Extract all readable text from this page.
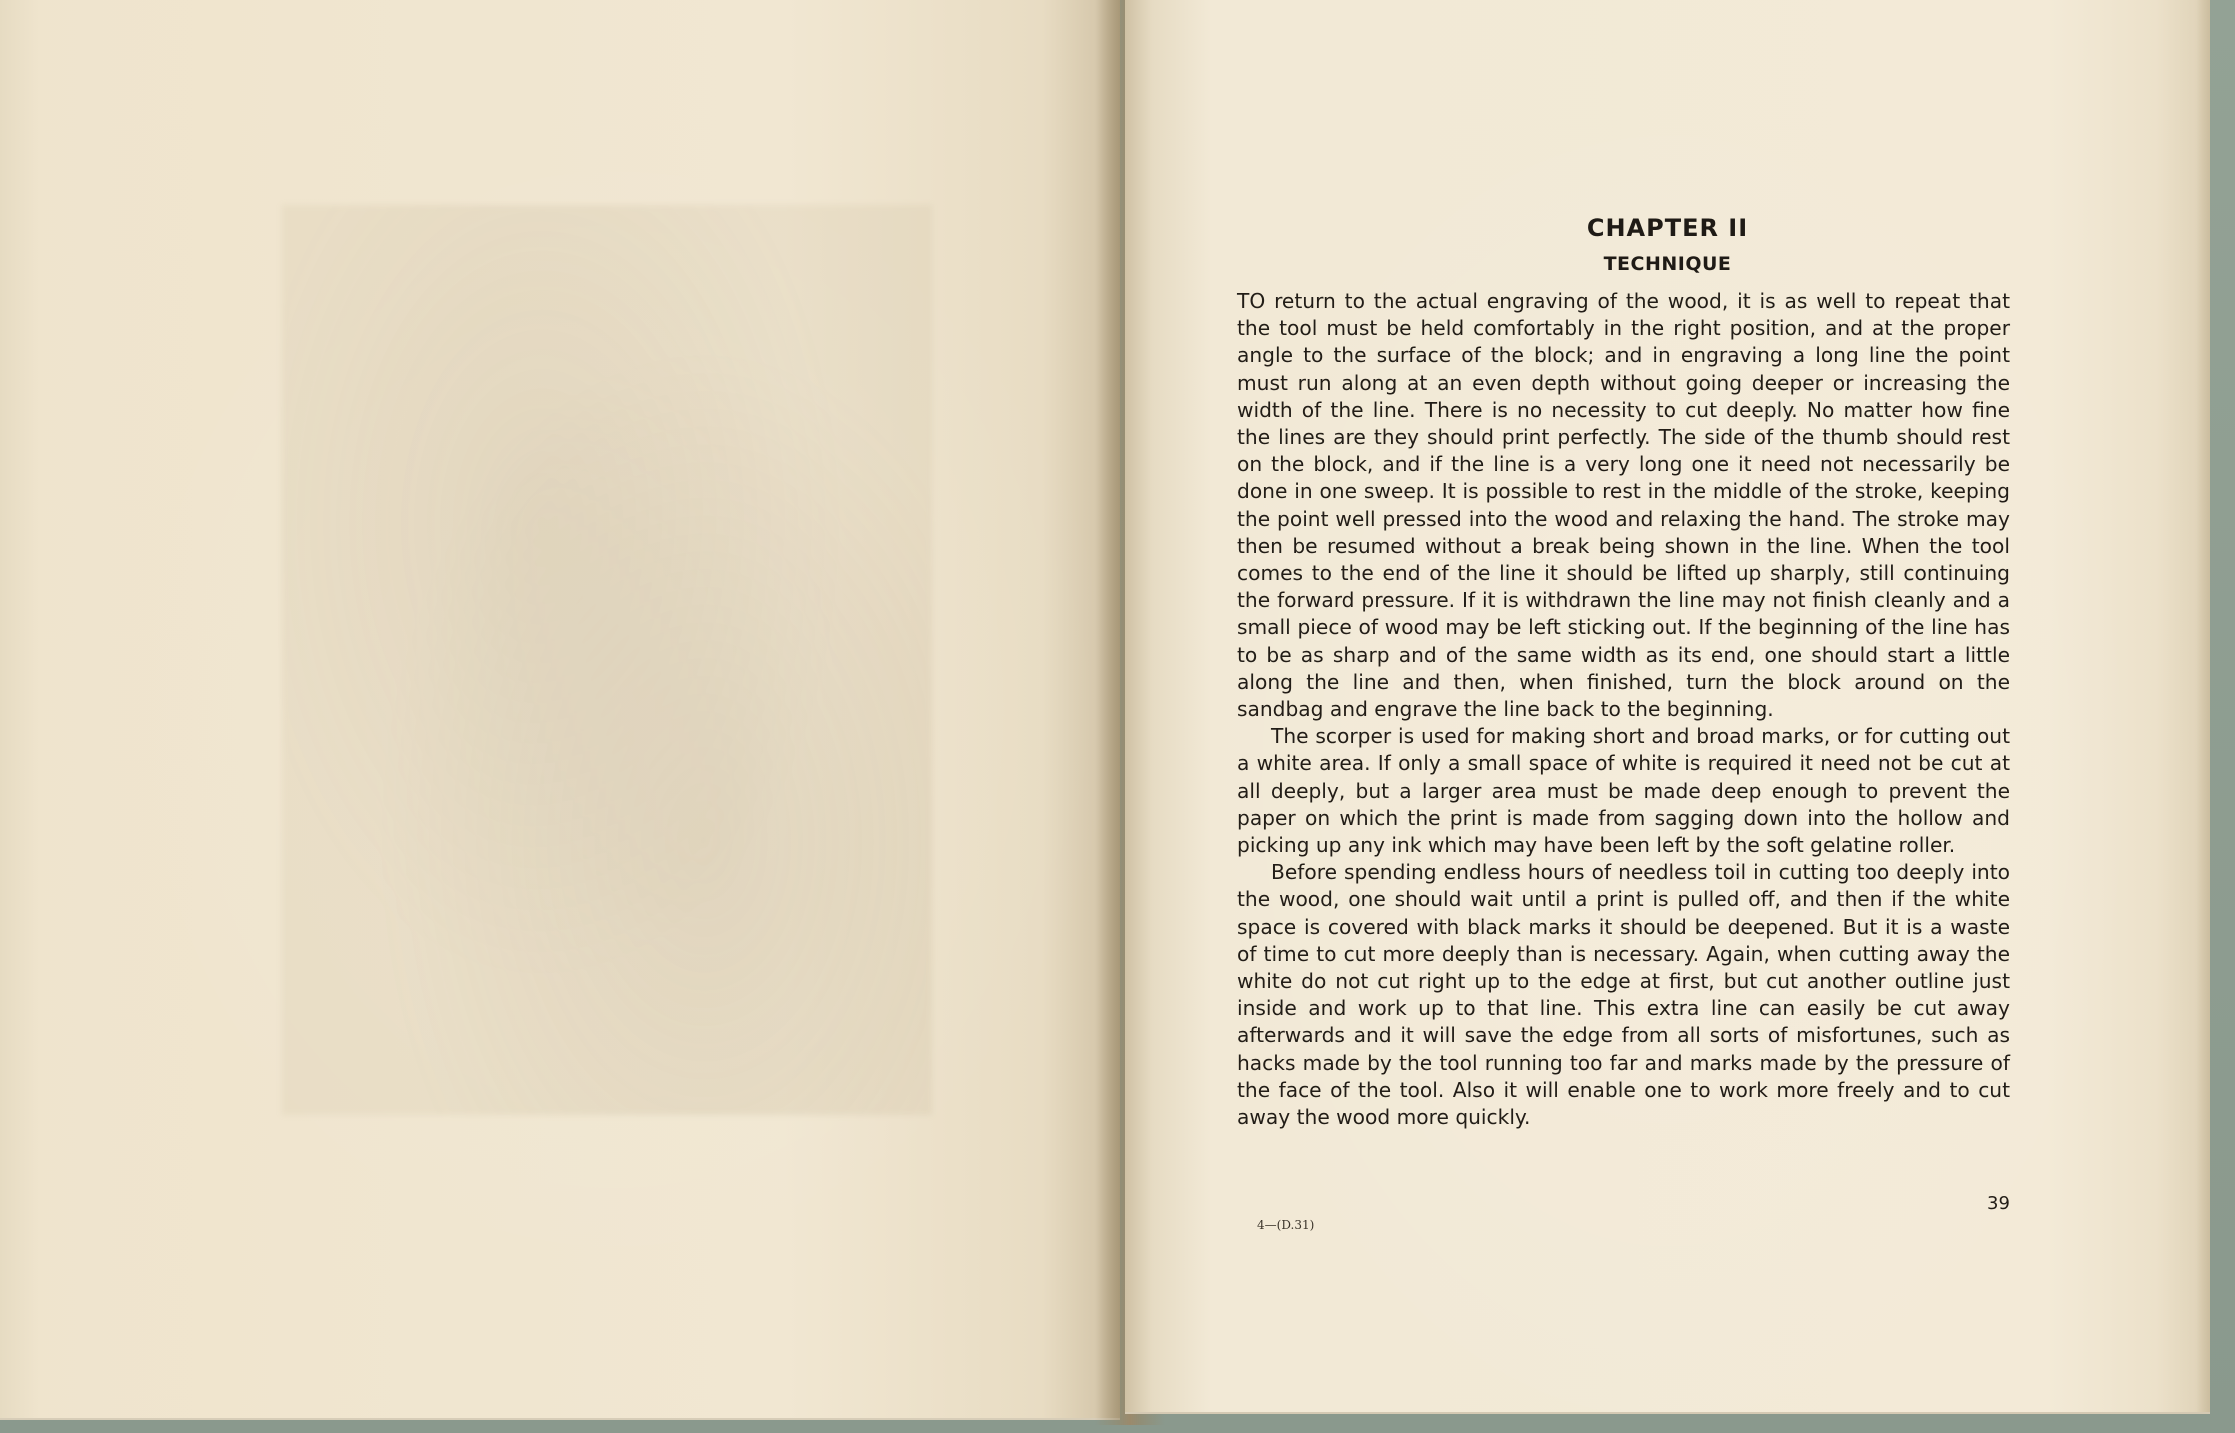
CHAPTER II
TECHNIQUE

TO return to the actual engraving of the wood, it is as well to repeat that the tool must be held comfortably in the right position, and at the proper angle to the surface of the block; and in engraving a long line the point must run along at an even depth without going deeper or increasing the width of the line. There is no necessity to cut deeply. No matter how fine the lines are they should print perfectly. The side of the thumb should rest on the block, and if the line is a very long one it need not necessarily be done in one sweep. It is possible to rest in the middle of the stroke, keeping the point well pressed into the wood and relaxing the hand. The stroke may then be resumed without a break being shown in the line. When the tool comes to the end of the line it should be lifted up sharply, still continuing the forward pressure. If it is withdrawn the line may not finish cleanly and a small piece of wood may be left sticking out. If the beginning of the line has to be as sharp and of the same width as its end, one should start a little along the line and then, when finished, turn the block around on the sandbag and engrave the line back to the beginning.

The scorper is used for making short and broad marks, or for cutting out a white area. If only a small space of white is required it need not be cut at all deeply, but a larger area must be made deep enough to prevent the paper on which the print is made from sagging down into the hollow and picking up any ink which may have been left by the soft gelatine roller.

Before spending endless hours of needless toil in cutting too deeply into the wood, one should wait until a print is pulled off, and then if the white space is covered with black marks it should be deepened. But it is a waste of time to cut more deeply than is necessary. Again, when cutting away the white do not cut right up to the edge at first, but cut another outline just inside and work up to that line. This extra line can easily be cut away afterwards and it will save the edge from all sorts of misfortunes, such as hacks made by the tool running too far and marks made by the pressure of the face of the tool. Also it will enable one to work more freely and to cut away the wood more quickly.

39
4—(D.31)
